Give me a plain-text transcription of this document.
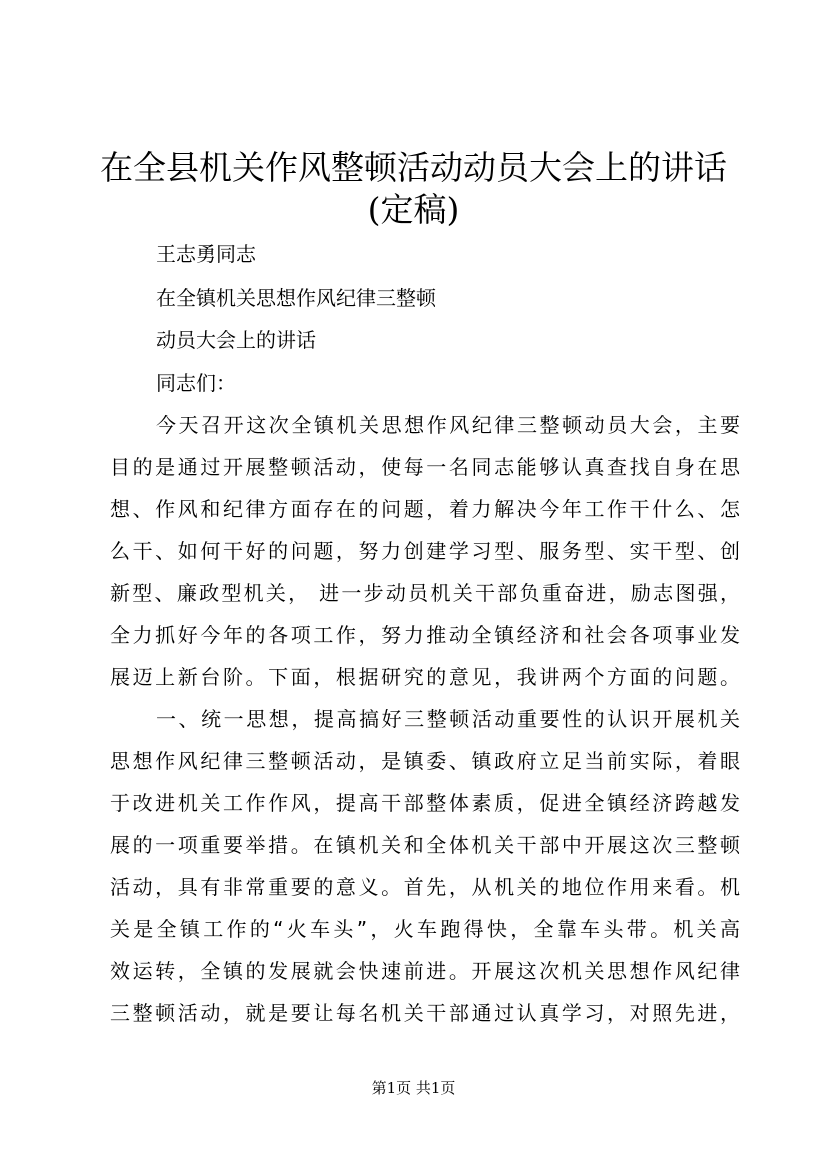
在全县机关作风整顿活动动员大会上的讲话
(定稿)
王志勇同志
在全镇机关思想作风纪律三整顿
动员大会上的讲话
同志们：
今天召开这次全镇机关思想作风纪律三整顿动员大会，主要
目的是通过开展整顿活动，使每一名同志能够认真查找自身在思
想、作风和纪律方面存在的问题，着力解决今年工作干什么、怎
么干、如何干好的问题，努力创建学习型、服务型、实干型、创
新型、廉政型机关， 进一步动员机关干部负重奋进，励志图强，
全力抓好今年的各项工作，努力推动全镇经济和社会各项事业发
展迈上新台阶。下面，根据研究的意见，我讲两个方面的问题。
一、统一思想，提高搞好三整顿活动重要性的认识开展机关
思想作风纪律三整顿活动，是镇委、镇政府立足当前实际，着眼
于改进机关工作作风，提高干部整体素质，促进全镇经济跨越发
展的一项重要举措。在镇机关和全体机关干部中开展这次三整顿
活动，具有非常重要的意义。首先，从机关的地位作用来看。机
关是全镇工作的“火车头”，火车跑得快，全靠车头带。机关高
效运转，全镇的发展就会快速前进。开展这次机关思想作风纪律
三整顿活动，就是要让每名机关干部通过认真学习，对照先进，
第1页 共1页
